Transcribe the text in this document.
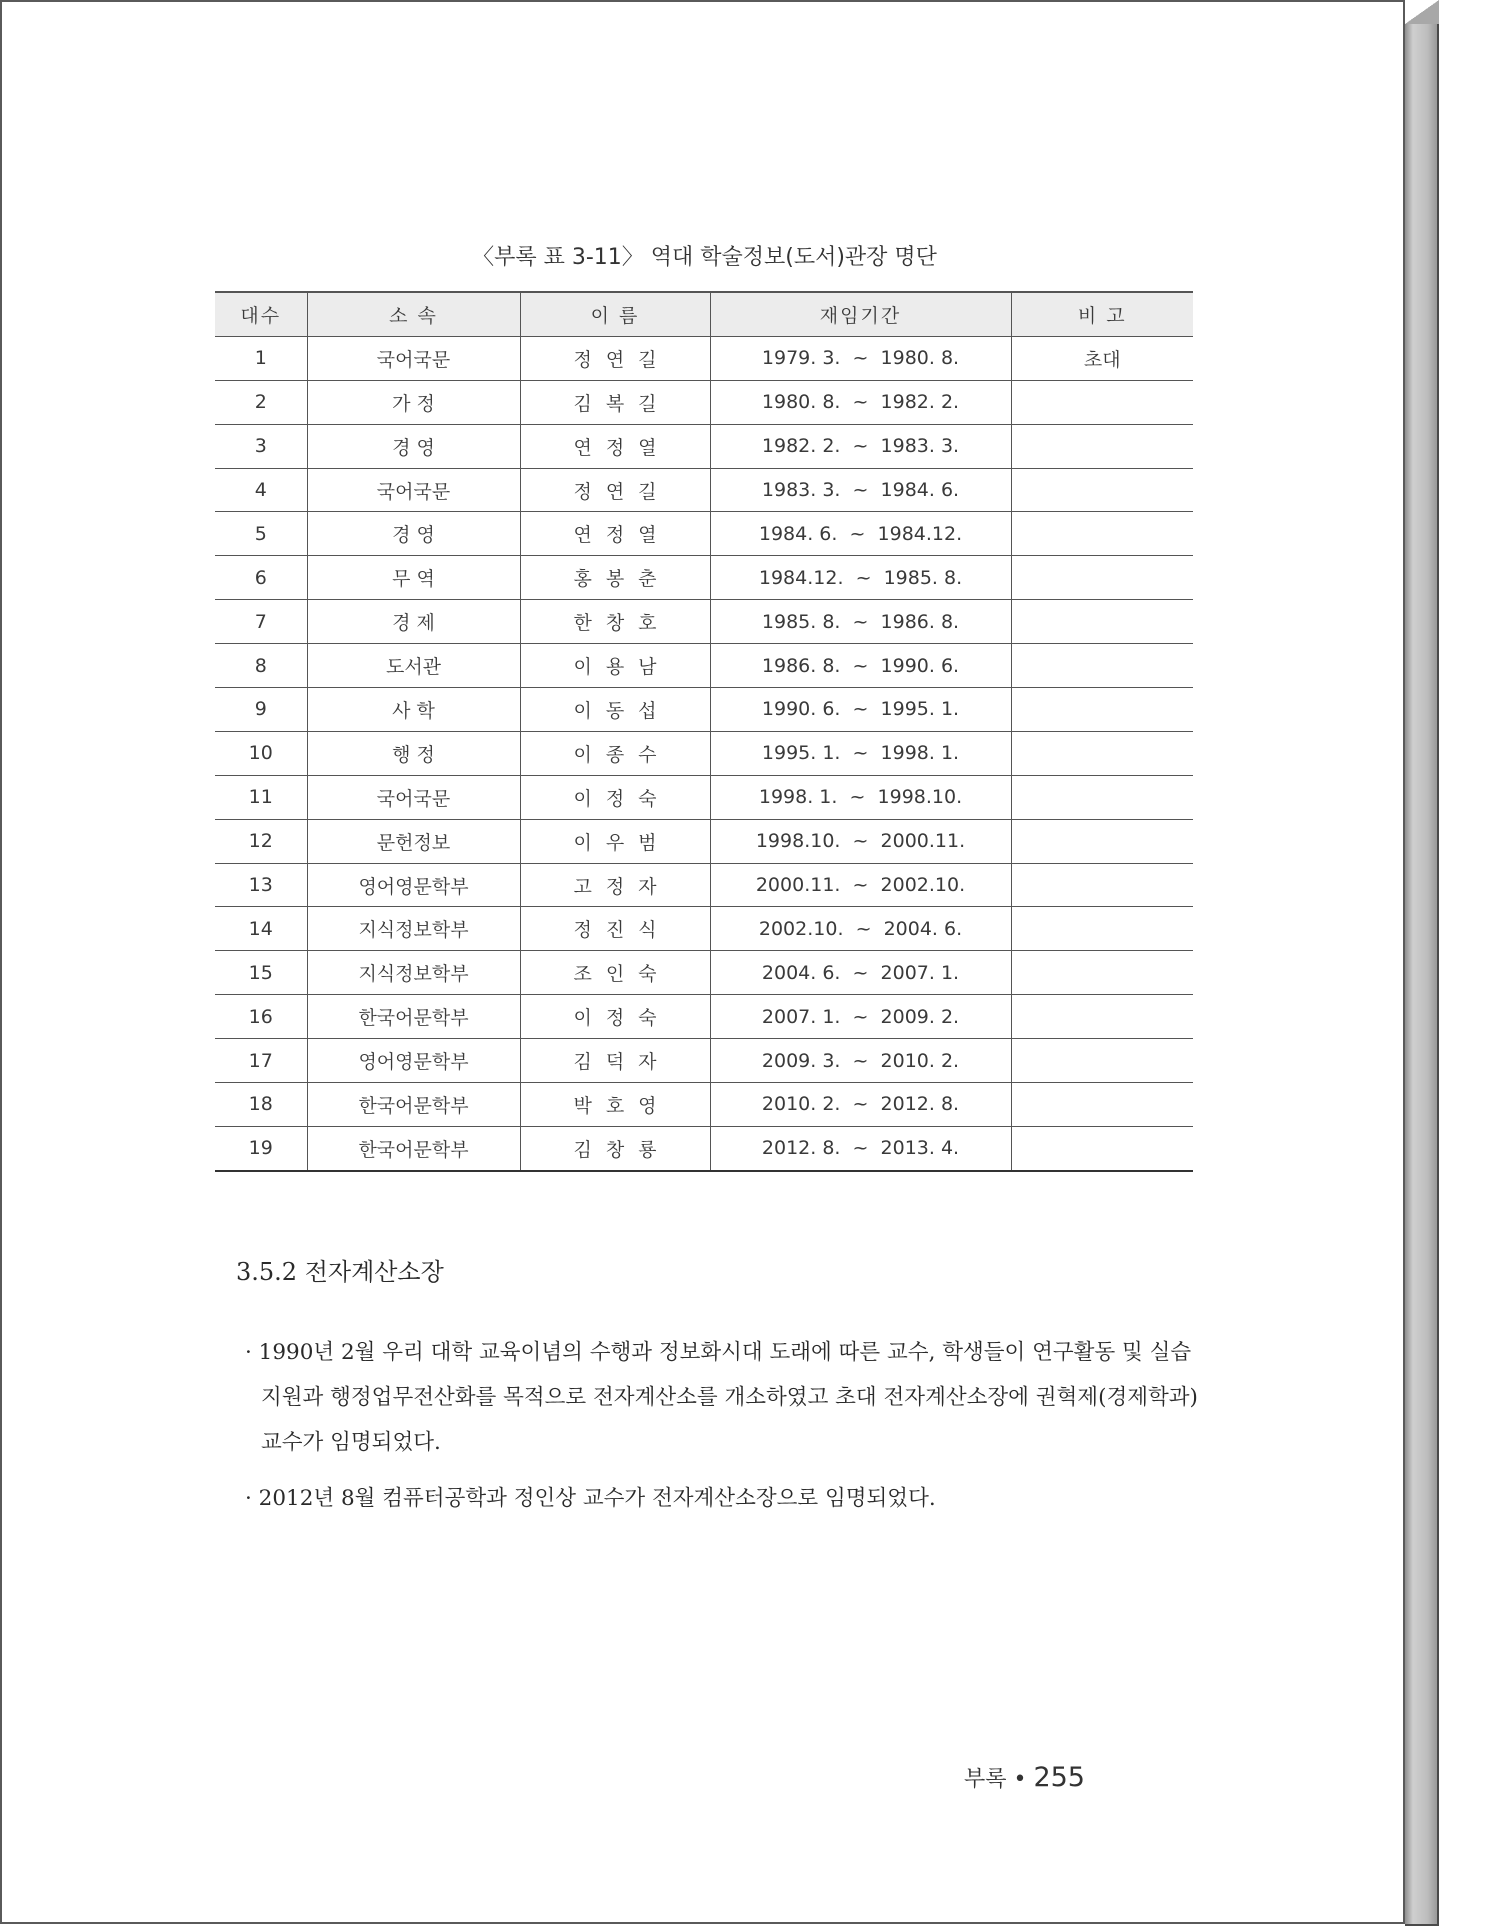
〈부록 표 3-11〉 역대 학술정보(도서)관장 명단
대수	소 속	이 름	재임기간	비 고
1	국어국문	정연길	1979. 3.  ~  1980. 8.	초대
2	가 정	김복길	1980. 8.  ~  1982. 2.	
3	경 영	연정열	1982. 2.  ~  1983. 3.	
4	국어국문	정연길	1983. 3.  ~  1984. 6.	
5	경 영	연정열	1984. 6.  ~  1984.12.	
6	무 역	홍봉춘	1984.12.  ~  1985. 8.	
7	경 제	한창호	1985. 8.  ~  1986. 8.	
8	도서관	이용남	1986. 8.  ~  1990. 6.	
9	사 학	이동섭	1990. 6.  ~  1995. 1.	
10	행 정	이종수	1995. 1.  ~  1998. 1.	
11	국어국문	이정숙	1998. 1.  ~  1998.10.	
12	문헌정보	이우범	1998.10.  ~  2000.11.	
13	영어영문학부	고정자	2000.11.  ~  2002.10.	
14	지식정보학부	정진식	2002.10.  ~  2004. 6.	
15	지식정보학부	조인숙	2004. 6.  ~  2007. 1.	
16	한국어문학부	이정숙	2007. 1.  ~  2009. 2.	
17	영어영문학부	김덕자	2009. 3.  ~  2010. 2.	
18	한국어문학부	박호영	2010. 2.  ~  2012. 8.	
19	한국어문학부	김창룡	2012. 8.  ~  2013. 4.	
3.5.2 전자계산소장
· 1990년 2월 우리 대학 교육이념의 수행과 정보화시대 도래에 따른 교수, 학생들이 연구활동 및 실습지원과 행정업무전산화를 목적으로 전자계산소를 개소하였고 초대 전자계산소장에 권혁제(경제학과) 교수가 임명되었다.
· 2012년 8월 컴퓨터공학과 정인상 교수가 전자계산소장으로 임명되었다.
부록 • 255
